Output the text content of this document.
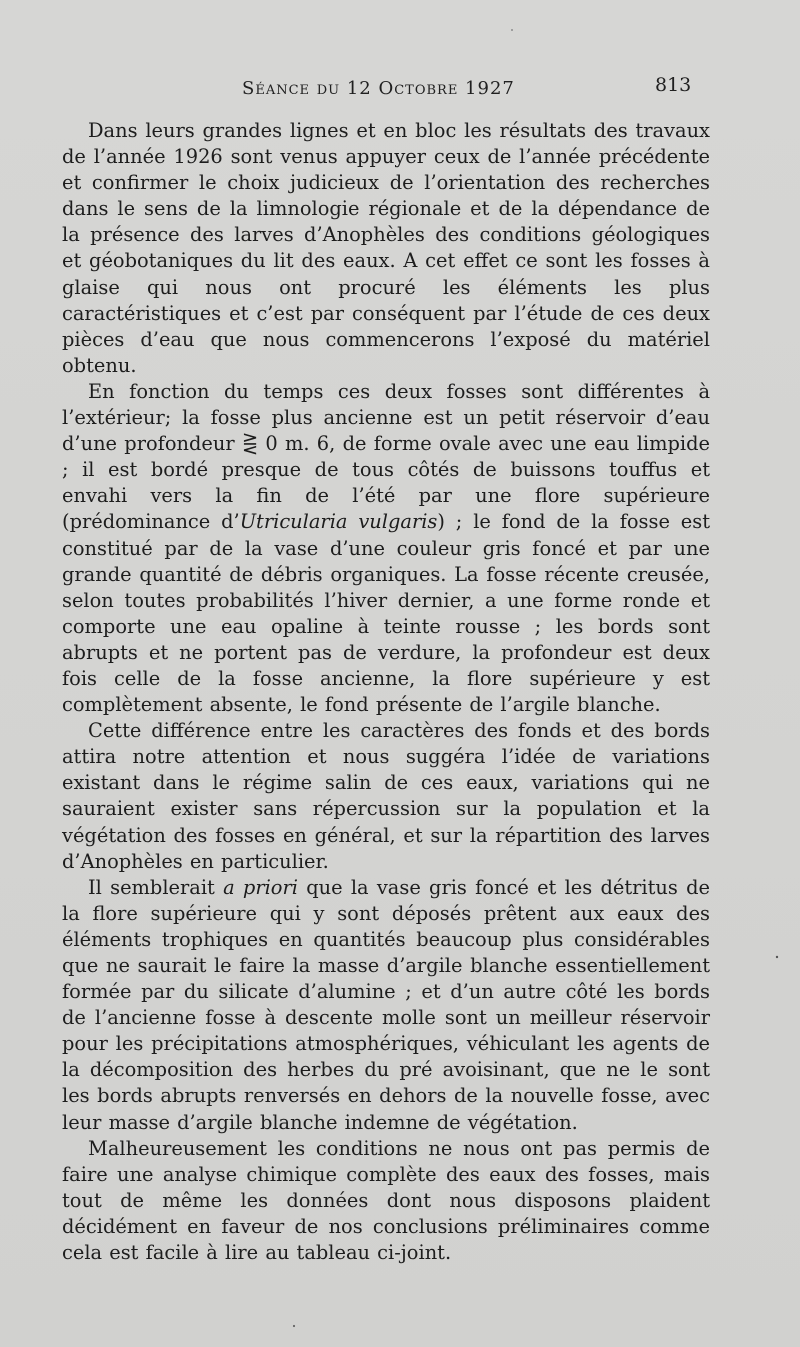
Séance du 12 Octobre 1927	813

Dans leurs grandes lignes et en bloc les résultats des travaux de l’année 1926 sont venus appuyer ceux de l’année précédente et confirmer le choix judicieux de l’orientation des recherches dans le sens de la limnologie régionale et de la dépendance de la présence des larves d’Anophèles des conditions géologiques et géobotaniques du lit des eaux. A cet effet ce sont les fosses à glaise qui nous ont procuré les éléments les plus caractéristiques et c’est par conséquent par l’étude de ces deux pièces d’eau que nous commencerons l’exposé du matériel obtenu.

En fonction du temps ces deux fosses sont différentes à l’extérieur; la fosse plus ancienne est un petit réservoir d’eau d’une profondeur ⋛ 0 m. 6, de forme ovale avec une eau limpide ; il est bordé presque de tous côtés de buissons touffus et envahi vers la fin de l’été par une flore supérieure (prédominance d’Utricularia vulgaris) ; le fond de la fosse est constitué par de la vase d’une couleur gris foncé et par une grande quantité de débris organiques. La fosse récente creusée, selon toutes probabilités l’hiver dernier, a une forme ronde et comporte une eau opaline à teinte rousse ; les bords sont abrupts et ne portent pas de verdure, la profondeur est deux fois celle de la fosse ancienne, la flore supérieure y est complètement absente, le fond présente de l’argile blanche.

Cette différence entre les caractères des fonds et des bords attira notre attention et nous suggéra l’idée de variations existant dans le régime salin de ces eaux, variations qui ne sauraient exister sans répercussion sur la population et la végétation des fosses en général, et sur la répartition des larves d’Anophèles en particulier.

Il semblerait a priori que la vase gris foncé et les détritus de la flore supérieure qui y sont déposés prêtent aux eaux des éléments trophiques en quantités beaucoup plus considérables que ne saurait le faire la masse d’argile blanche essentiellement formée par du silicate d’alumine ; et d’un autre côté les bords de l’ancienne fosse à descente molle sont un meilleur réservoir pour les précipitations atmosphériques, véhiculant les agents de la décomposition des herbes du pré avoisinant, que ne le sont les bords abrupts renversés en dehors de la nouvelle fosse, avec leur masse d’argile blanche indemne de végétation.

Malheureusement les conditions ne nous ont pas permis de faire une analyse chimique complète des eaux des fosses, mais tout de même les données dont nous disposons plaident décidément en faveur de nos conclusions préliminaires comme cela est facile à lire au tableau ci-joint.
